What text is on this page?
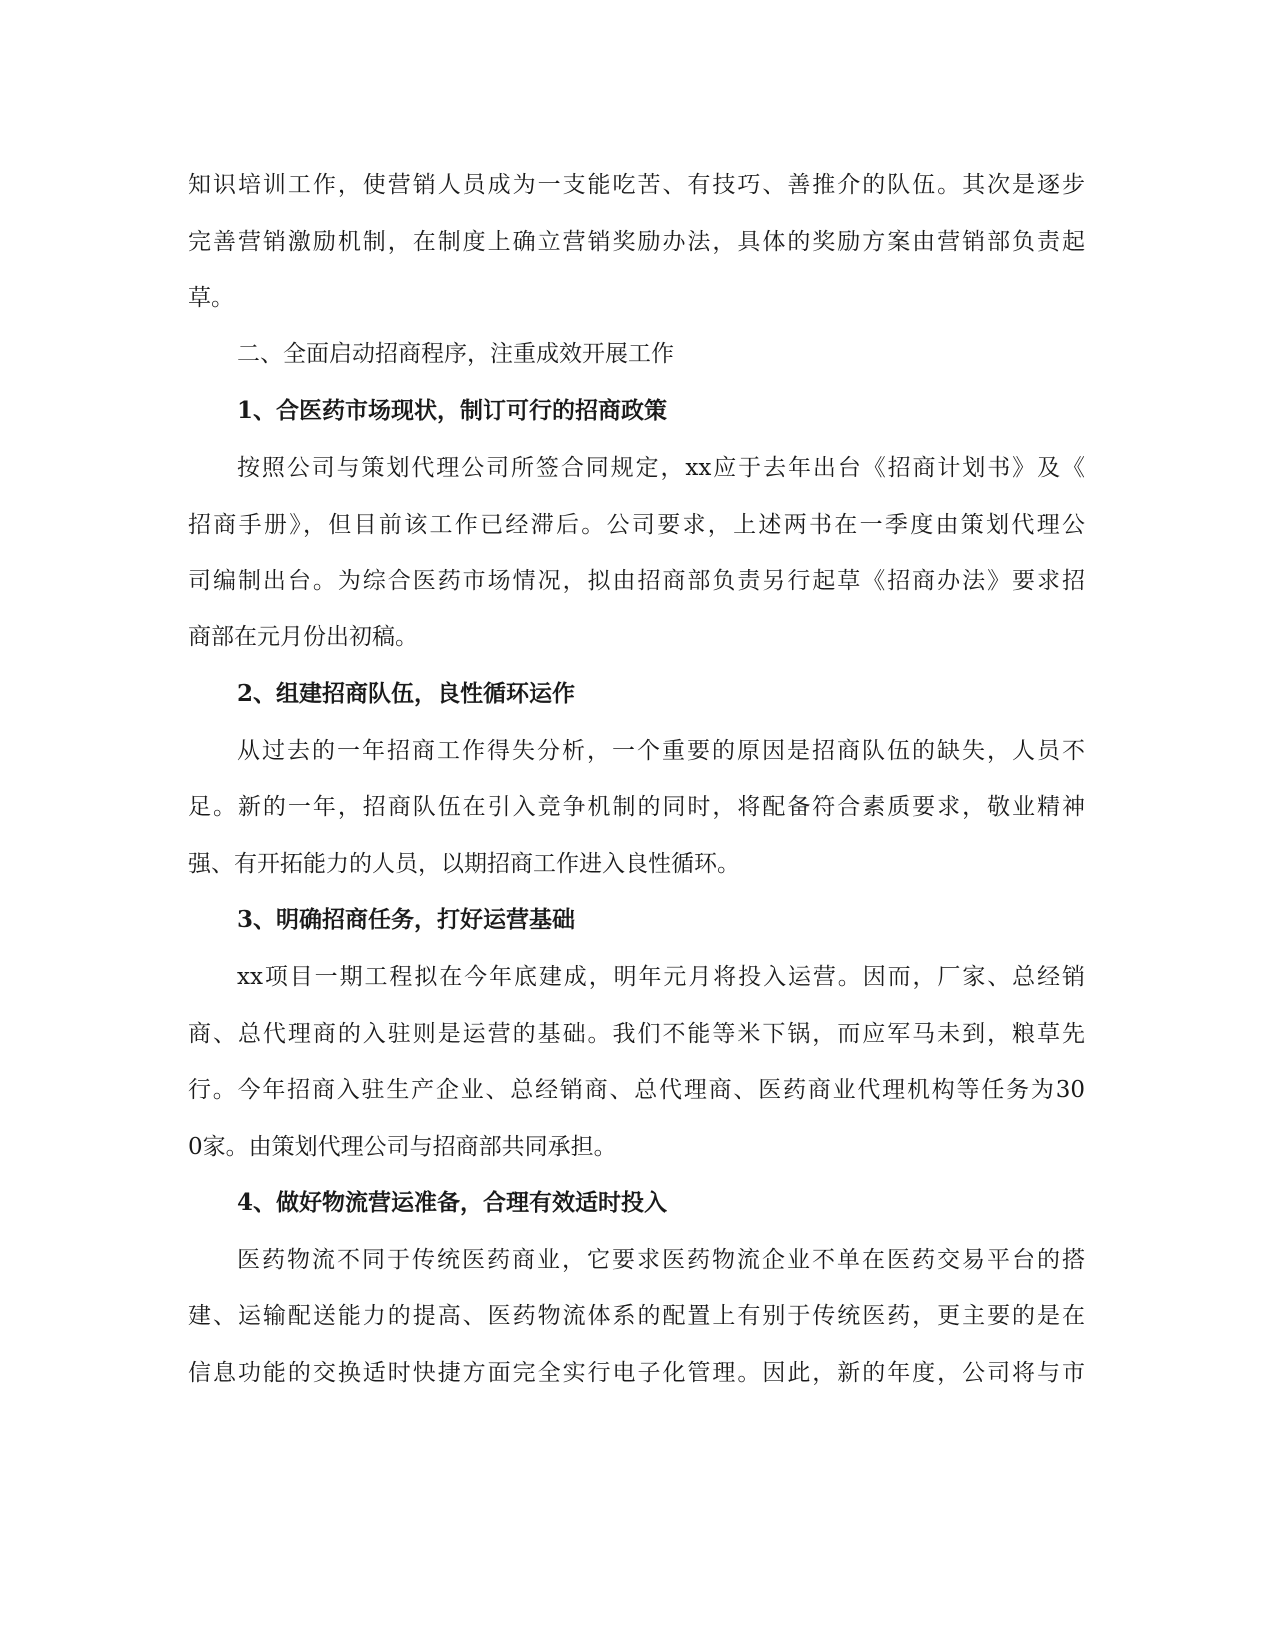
知识培训工作，使营销人员成为一支能吃苦、有技巧、善推介的队伍。其次是逐步
完善营销激励机制，在制度上确立营销奖励办法，具体的奖励方案由营销部负责起
草。
二、全面启动招商程序，注重成效开展工作
1、合医药市场现状，制订可行的招商政策
按照公司与策划代理公司所签合同规定，xx应于去年出台《招商计划书》及《
招商手册》，但目前该工作已经滞后。公司要求，上述两书在一季度由策划代理公
司编制出台。为综合医药市场情况，拟由招商部负责另行起草《招商办法》要求招
商部在元月份出初稿。
2、组建招商队伍，良性循环运作
从过去的一年招商工作得失分析，一个重要的原因是招商队伍的缺失，人员不
足。新的一年，招商队伍在引入竞争机制的同时，将配备符合素质要求，敬业精神
强、有开拓能力的人员，以期招商工作进入良性循环。
3、明确招商任务，打好运营基础
xx项目一期工程拟在今年底建成，明年元月将投入运营。因而，厂家、总经销
商、总代理商的入驻则是运营的基础。我们不能等米下锅，而应军马未到，粮草先
行。今年招商入驻生产企业、总经销商、总代理商、医药商业代理机构等任务为30
0家。由策划代理公司与招商部共同承担。
4、做好物流营运准备，合理有效适时投入
医药物流不同于传统医药商业，它要求医药物流企业不单在医药交易平台的搭
建、运输配送能力的提高、医药物流体系的配置上有别于传统医药，更主要的是在
信息功能的交换适时快捷方面完全实行电子化管理。因此，新的年度，公司将与市
